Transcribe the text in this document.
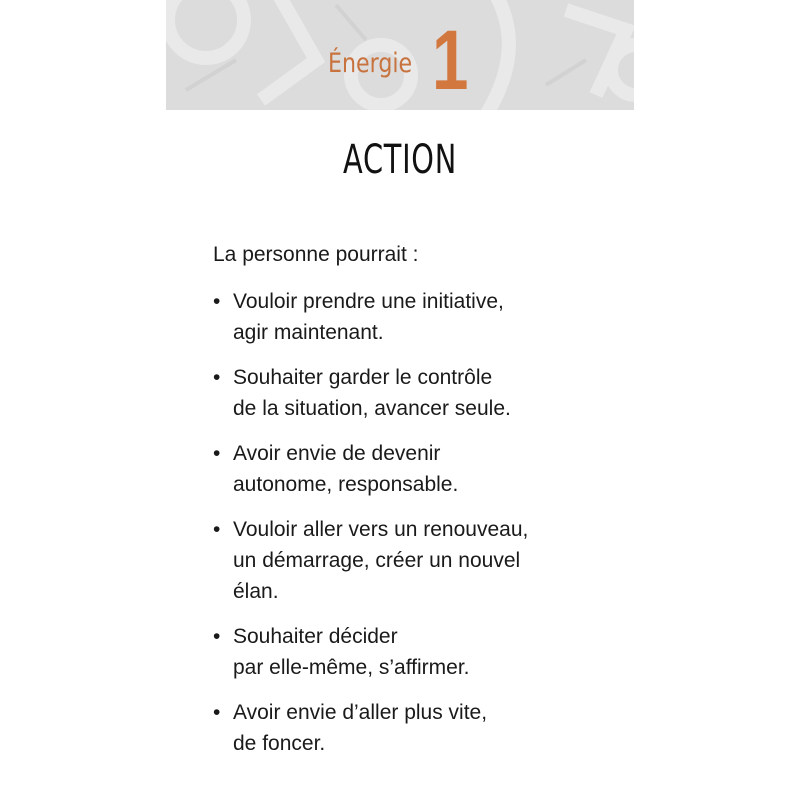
Énergie 1
ACTION
La personne pourrait :
• Vouloir prendre une initiative,
agir maintenant.
• Souhaiter garder le contrôle
de la situation, avancer seule.
• Avoir envie de devenir
autonome, responsable.
• Vouloir aller vers un renouveau,
un démarrage, créer un nouvel
élan.
• Souhaiter décider
par elle-même, s’affirmer.
• Avoir envie d’aller plus vite,
de foncer.
